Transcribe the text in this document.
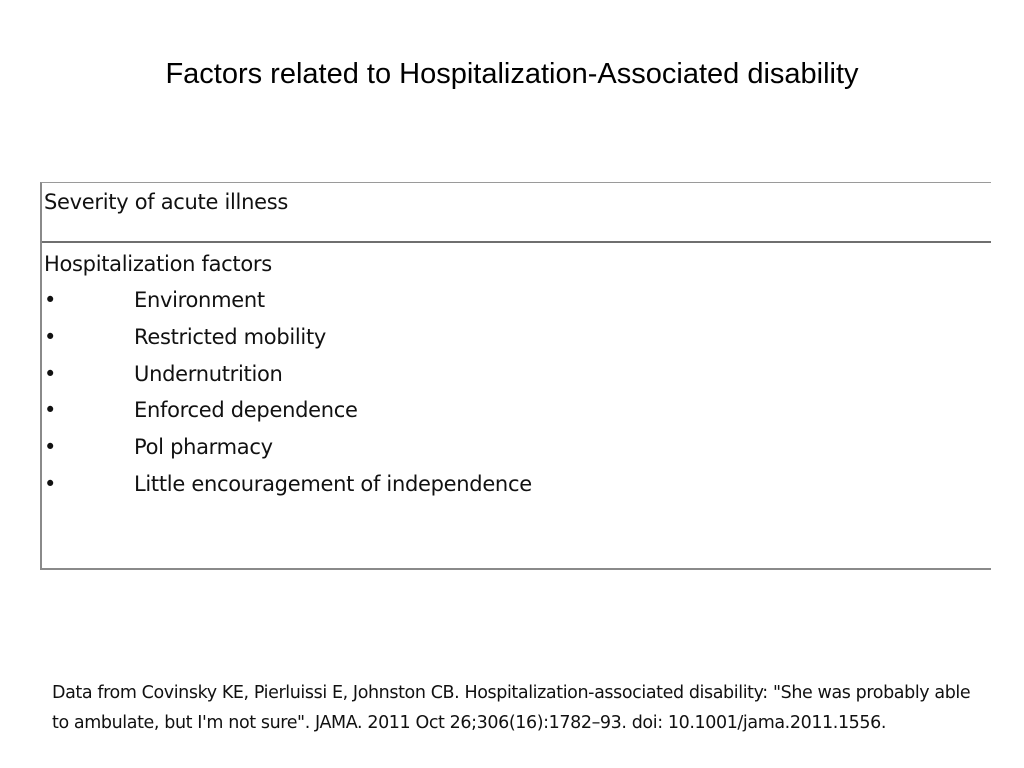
Factors related to Hospitalization-Associated disability
Severity of acute illness
Hospitalization factors
•	Environment
•	Restricted mobility
•	Undernutrition
•	Enforced dependence
•	Pol pharmacy
•	Little encouragement of independence
Data from Covinsky KE, Pierluissi E, Johnston CB. Hospitalization-associated disability: "She was probably able to ambulate, but I'm not sure". JAMA. 2011 Oct 26;306(16):1782–93. doi: 10.1001/jama.2011.1556.
